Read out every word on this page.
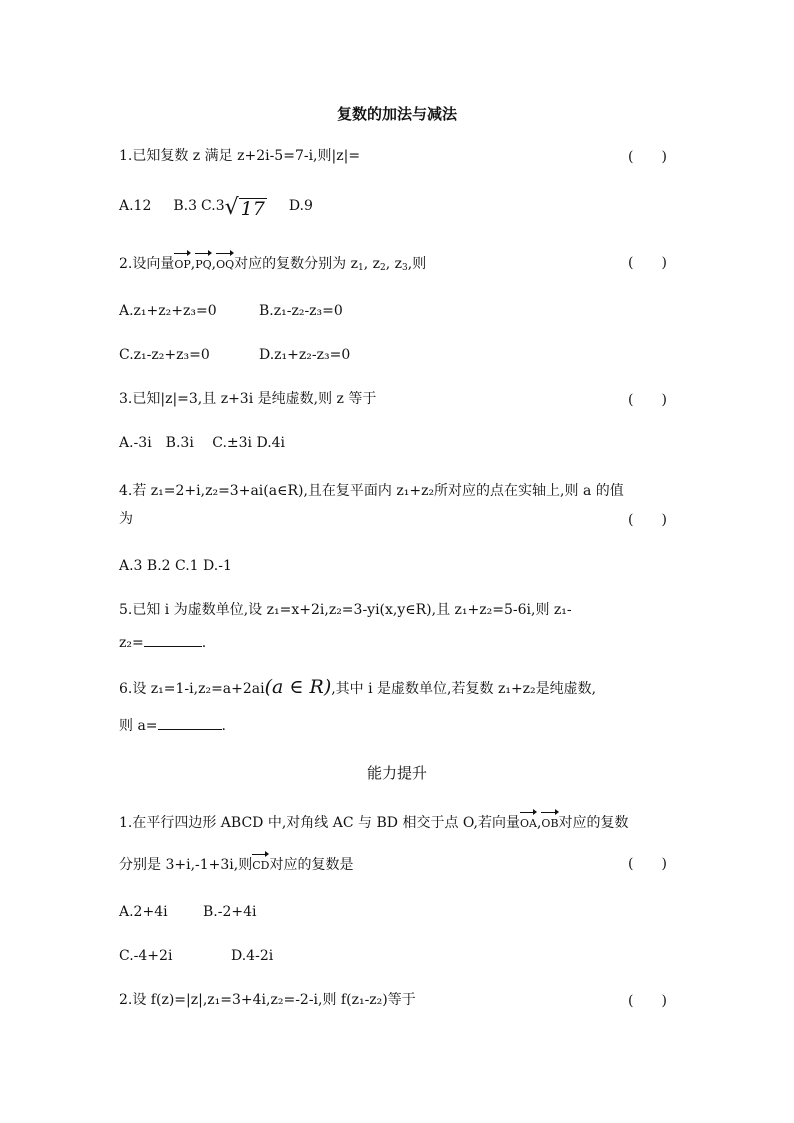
复数的加法与减法
1.已知复数 z 满足 z+2i-5=7-i,则|z|=	(　　)
A.12 B.3 C.3 √ 17 D.9
2.设向量OP,PQ,OQ对应的复数分别为 $z_1$, $z_2$, $z_3$,则	(　　)
A.z₁+z₂+z₃=0	B.z₁-z₂-z₃=0
C.z₁-z₂+z₃=0	D.z₁+z₂-z₃=0
3.已知|z|=3,且 z+3i 是纯虚数,则 z 等于	(　　)
A.-3i B.3i  C.±3i D.4i
4.若 z₁=2+i,z₂=3+ai(a∈R),且在复平面内 z₁+z₂所对应的点在实轴上,则 a 的值
为	(　　)
A.3 B.2 C.1 D.-1
5.已知 i 为虚数单位,设 z₁=x+2i,z₂=3-yi(x,y∈R),且 z₁+z₂=5-6i,则 z₁-
z₂=	.
6.设 z₁=1-i,z₂=a+2ai(a ∈ R),其中 i 是虚数单位,若复数 z₁+z₂是纯虚数,
则 a=	.
能力提升
1.在平行四边形 ABCD 中,对角线 AC 与 BD 相交于点 O,若向量OA,OB对应的复数
分别是 3+i,-1+3i,则CD对应的复数是	(　　)
A.2+4i	B.-2+4i
C.-4+2i	D.4-2i
2.设 f(z)=|z|,z₁=3+4i,z₂=-2-i,则 f(z₁-z₂)等于	(　　)
